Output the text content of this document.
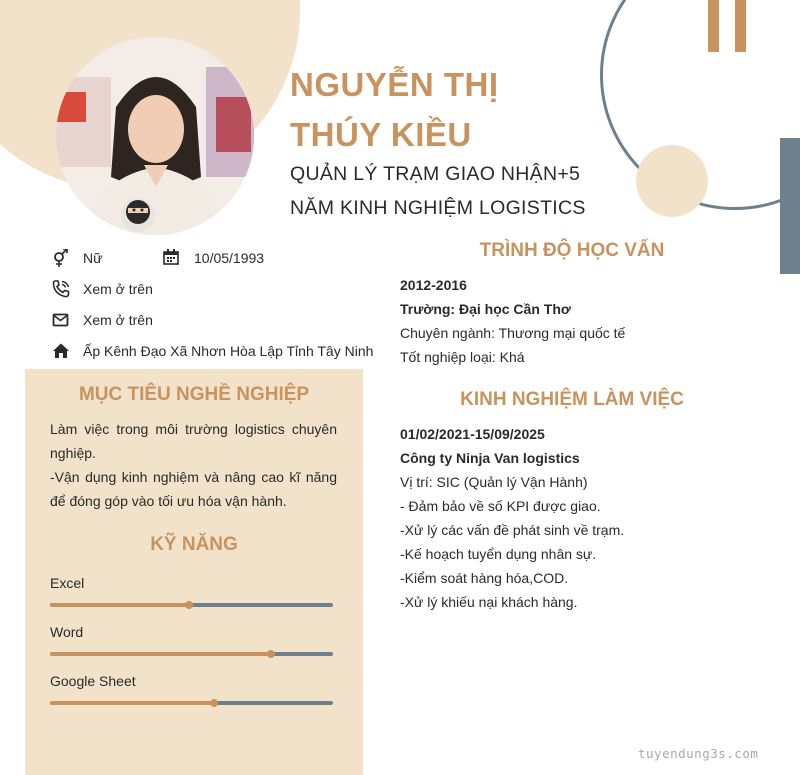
NGUYỄN THỊ
THÚY KIỀU
QUẢN LÝ TRẠM GIAO NHẬN+5
NĂM KINH NGHIỆM LOGISTICS
Nữ	10/05/1993
Xem ở trên
Xem ở trên
Ấp Kênh Đạo Xã Nhơn Hòa Lập Tỉnh Tây Ninh
MỤC TIÊU NGHỀ NGHIỆP

Làm việc trong môi trường logistics chuyên nghiệp.

-Vận dụng kinh nghiệm và nâng cao kĩ năng để đóng góp vào tối ưu hóa vận hành.

KỸ NĂNG
Excel
Word
Google Sheet
TRÌNH ĐỘ HỌC VẤN
2012-2016
Trường: Đại học Cần Thơ
Chuyên ngành: Thương mại quốc tế
Tốt nghiệp loại: Khá
KINH NGHIỆM LÀM VIỆC
01/02/2021-15/09/2025
Công ty Ninja Van logistics
Vị trí: SIC (Quản lý Vận Hành)
- Đảm bảo về số KPI được giao.
-Xử lý các vấn đề phát sinh về trạm.
-Kế hoạch tuyển dụng nhân sự.
-Kiểm soát hàng hóa,COD.
-Xử lý khiếu nại khách hàng.
tuyendung3s.com
